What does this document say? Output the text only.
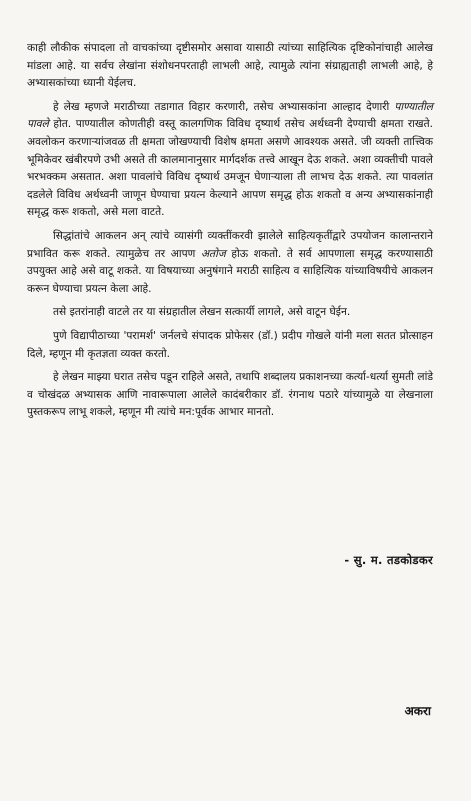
काही लौकीक संपादला तो वाचकांच्या दृष्टीसमोर असावा यासाठी त्यांच्या साहित्यिक दृष्टिकोनांचाही आलेख मांडला आहे. या सर्वच लेखांना संशोधनपरताही लाभली आहे, त्यामुळे त्यांना संग्राह्यताही लाभली आहे, हे अभ्यासकांच्या ध्यानी येईलच.

हे लेख म्हणजे मराठीच्या तडागात विहार करणारी, तसेच अभ्यासकांना आल्हाद देणारी पाण्यातील पावले होत. पाण्यातील कोणतीही वस्तू कालगणिक विविध दृष्यार्थ तसेच अर्थध्वनी देण्याची क्षमता राखते. अवलोकन करणाऱ्यांजवळ ती क्षमता जोखण्याची विशेष क्षमता असणे आवश्यक असते. जी व्यक्ती तात्त्विक भूमिकेवर खंबीरपणे उभी असते ती कालमानानुसार मार्गदर्शक तत्त्वे आखून देऊ शकते. अशा व्यक्तीची पावले भरभक्कम असतात. अशा पावलांचे विविध दृष्यार्थ उमजून घेणाऱ्याला ती लाभच देऊ शकते. त्या पावलांत दडलेले विविध अर्थध्वनी जाणून घेण्याचा प्रयत्न केल्याने आपण समृद्ध होऊ शकतो व अन्य अभ्यासकांनाही समृद्ध करू शकतो, असे मला वाटते.

सिद्धांतांचे आकलन अन् त्यांचे व्यासंगी व्यक्तींकरवी झालेले साहित्यकृतींद्वारे उपयोजन कालान्तराने प्रभावित करू शकते. त्यामुळेच तर आपण अतोज होऊ शकतो. ते सर्व आपणाला समृद्ध करण्यासाठी उपयुक्त आहे असे वाटू शकते. या विषयाच्या अनुषंगाने मराठी साहित्य व साहित्यिक यांच्याविषयीचे आकलन करून घेण्याचा प्रयत्न केला आहे.

तसे इतरांनाही वाटले तर या संग्रहातील लेखन सत्कार्यी लागले, असे वाटून घेईन.

पुणे विद्यापीठाच्या 'परामर्श' जर्नलचे संपादक प्रोफेसर (डॉ.) प्रदीप गोखले यांनी मला सतत प्रोत्साहन दिले, म्हणून मी कृतज्ञता व्यक्त करतो.

हे लेखन माझ्या घरात तसेच पडून राहिले असते, तथापि शब्दालय प्रकाशनच्या कर्त्या-धर्त्या सुमती लांडे व चोखंदळ अभ्यासक आणि नावारूपाला आलेले कादंबरीकार डॉ. रंगनाथ पठारे यांच्यामुळे या लेखनाला पुस्तकरूप लाभू शकले, म्हणून मी त्यांचे मन:पूर्वक आभार मानतो.

- सु. म. तडकोडकर
अकरा
